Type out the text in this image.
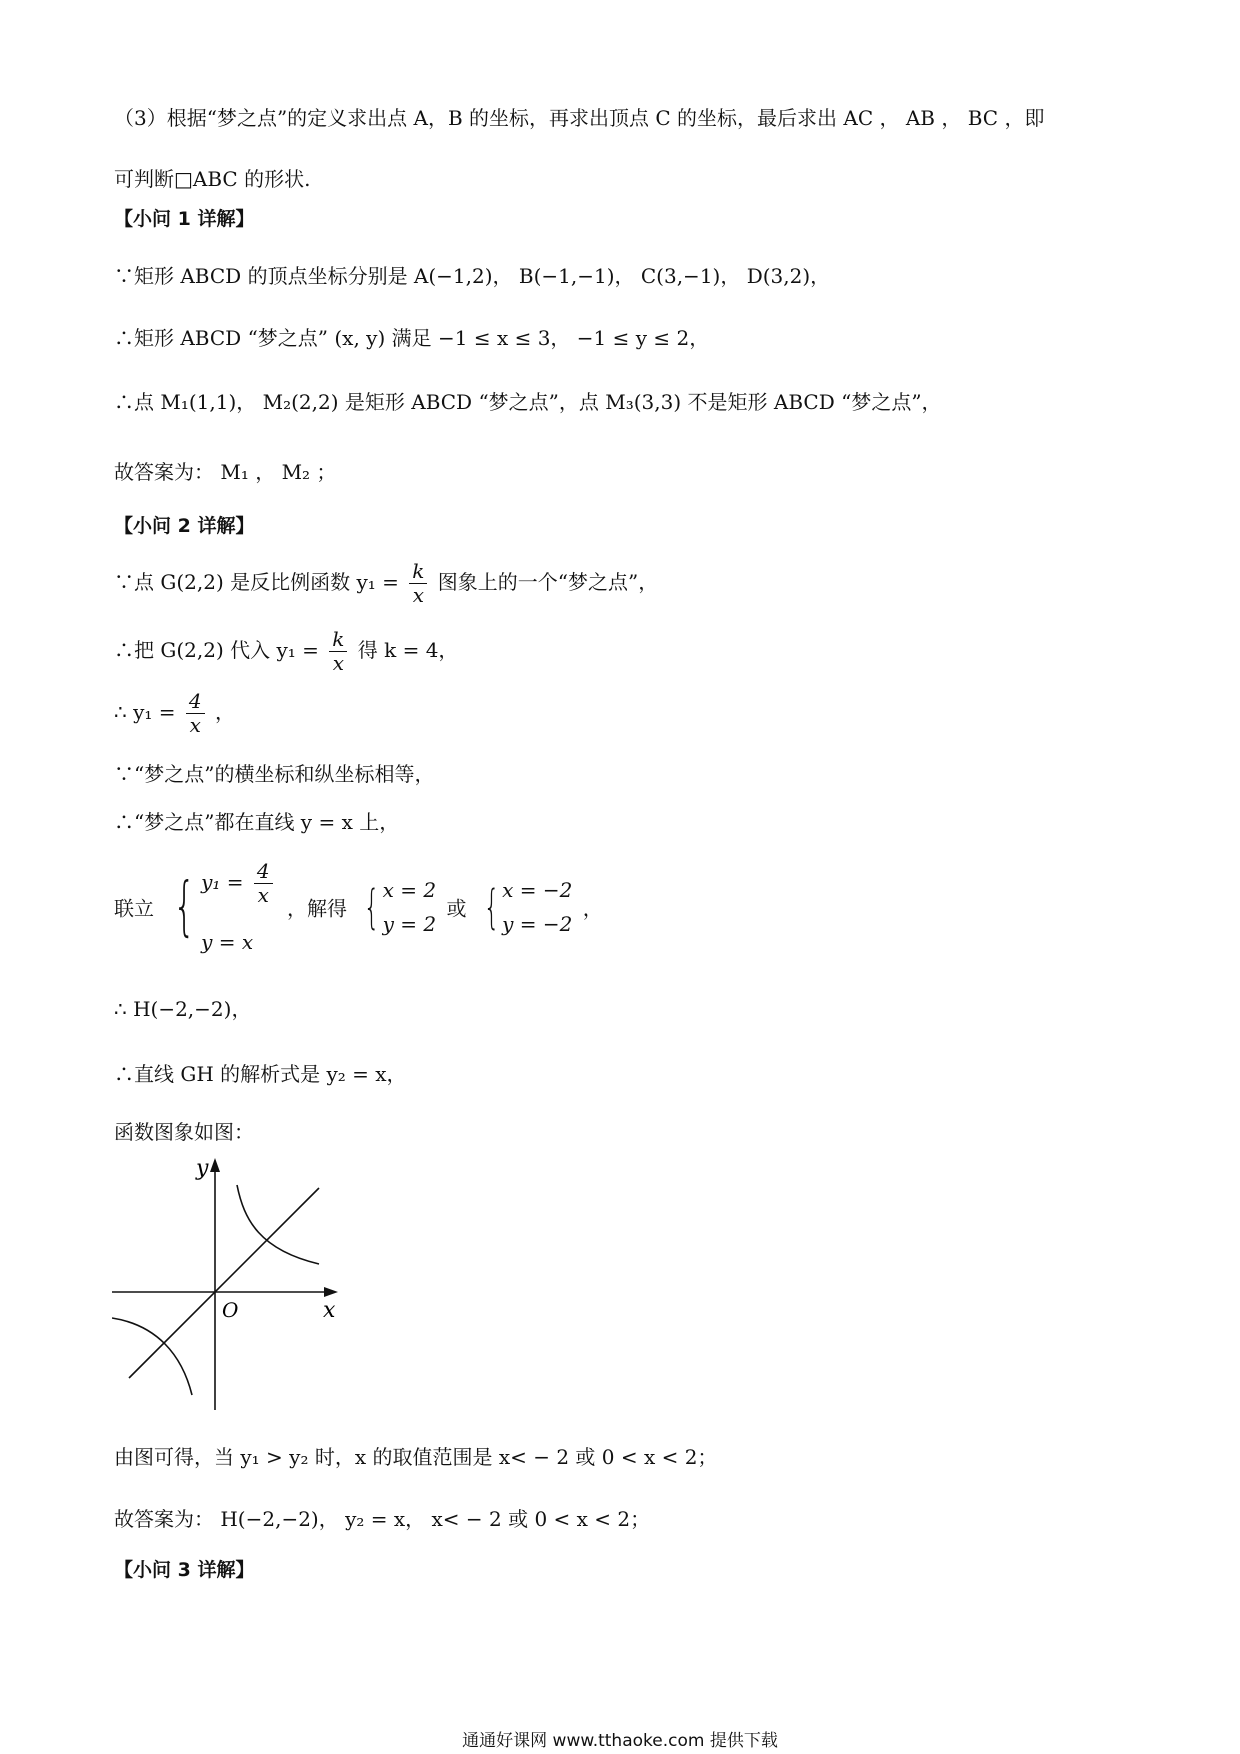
（3）根据“梦之点”的定义求出点 A，B 的坐标，再求出顶点 C 的坐标，最后求出 AC ， AB ， BC ，即
可判断□ABC 的形状.
【小问 1 详解】
∵矩形 ABCD 的顶点坐标分别是 A(−1,2)， B(−1,−1)， C(3,−1)， D(3,2)，
∴矩形 ABCD “梦之点” (x, y) 满足 −1 ≤ x ≤ 3， −1 ≤ y ≤ 2，
∴点 M₁(1,1)， M₂(2,2) 是矩形 ABCD “梦之点”，点 M₃(3,3) 不是矩形 ABCD “梦之点”，
故答案为： M₁ ， M₂ ；
【小问 2 详解】
∵点 G(2,2) 是反比例函数 $y_1 = \frac{k}{x}$ 图象上的一个“梦之点”，
∴把 G(2,2) 代入 $y_1 = \frac{k}{x}$ 得 k = 4，
∴ $y_1 = \frac{4}{x}$ ，
∵“梦之点”的横坐标和纵坐标相等，
∴“梦之点”都在直线 y = x 上，
联立 { $y_1 = \frac{4}{x}$
y = x
，解得 { x = 2
y = 2
或 { x = −2
y = −2
，
∴ H(−2,−2)，
∴直线 GH 的解析式是 y₂ = x，
函数图象如图：
y
x
O
由图可得，当 y₁ > y₂ 时，x 的取值范围是 x< − 2 或 0 < x < 2；
故答案为： H(−2,−2)， y₂ = x， x< − 2 或 0 < x < 2；
【小问 3 详解】
通通好课网 www.tthaoke.com 提供下载
